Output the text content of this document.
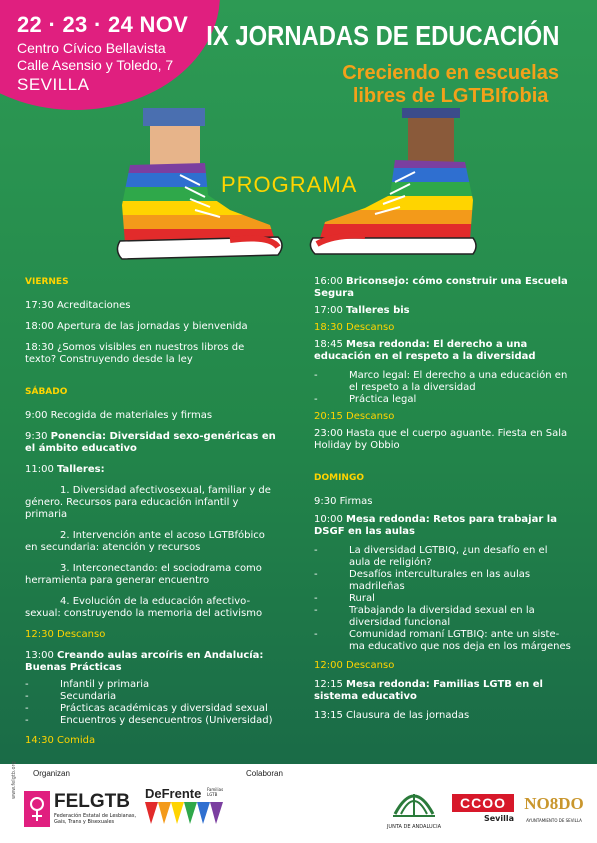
22 · 23 · 24 NOV
Centro Cívico Bellavista
Calle Asensio y Toledo, 7
SEVILLA
IX JORNADAS DE EDUCACIÓN
Creciendo en escuelas
libres de LGTBIfobia
PROGRAMA
VIERNES
17:30 Acreditaciones
18:00 Apertura de las jornadas y bienvenida
18:30 ¿Somos visibles en nuestros libros de texto? Construyendo desde la ley
SÁBADO
9:00 Recogida de materiales y firmas
9:30 Ponencia: Diversidad sexo-genéricas en el ámbito educativo
11:00 Talleres:
1. Diversidad afectivosexual, familiar y de género. Recursos para educación infantil y primaria
2. Intervención ante el acoso LGTBfóbico en secundaria: atención y recursos
3. Interconectando: el sociodrama como herramienta para generar encuentro
4. Evolución de la educación afectivo-sexual: construyendo la memoria del activismo
12:30 Descanso
13:00 Creando aulas arcoíris en Andalucía: Buenas Prácticas
-	Infantil y primaria
-	Secundaria
-	Prácticas académicas y diversidad sexual
-	Encuentros y desencuentros (Universidad)
14:30 Comida
16:00 Briconsejo: cómo construir una Escuela Segura
17:00 Talleres bis
18:30 Descanso
18:45 Mesa redonda: El derecho a una educación en el respeto a la diversidad
-	Marco legal: El derecho a una educación en el respeto a la diversidad
-	Práctica legal
20:15 Descanso
23:00 Hasta que el cuerpo aguante. Fiesta en Sala Holiday by Obbio
DOMINGO
9:30 Firmas
10:00 Mesa redonda: Retos para trabajar la DSGF en las aulas
-	La diversidad LGTBIQ, ¿un desafío en el aula de religión?
-	Desafíos interculturales en las aulas madrileñas
-	Rural
-	Trabajando la diversidad sexual en la diversidad funcional
-	Comunidad romaní LGTBIQ: ante un siste-ma educativo que nos deja en los márgenes
12:00 Descanso
12:15 Mesa redonda: Familias LGTB en el sistema educativo
13:15 Clausura de las jornadas
Organizan	Colaboran
www.felgtb.org
FELGTB
Federación Estatal de Lesbianas,
Gais, Trans y Bisexuales
DeFrente Familias LGTB
JUNTA DE ANDALUCIA
CCOO
Sevilla
NO8DO
AYUNTAMIENTO DE SEVILLA
